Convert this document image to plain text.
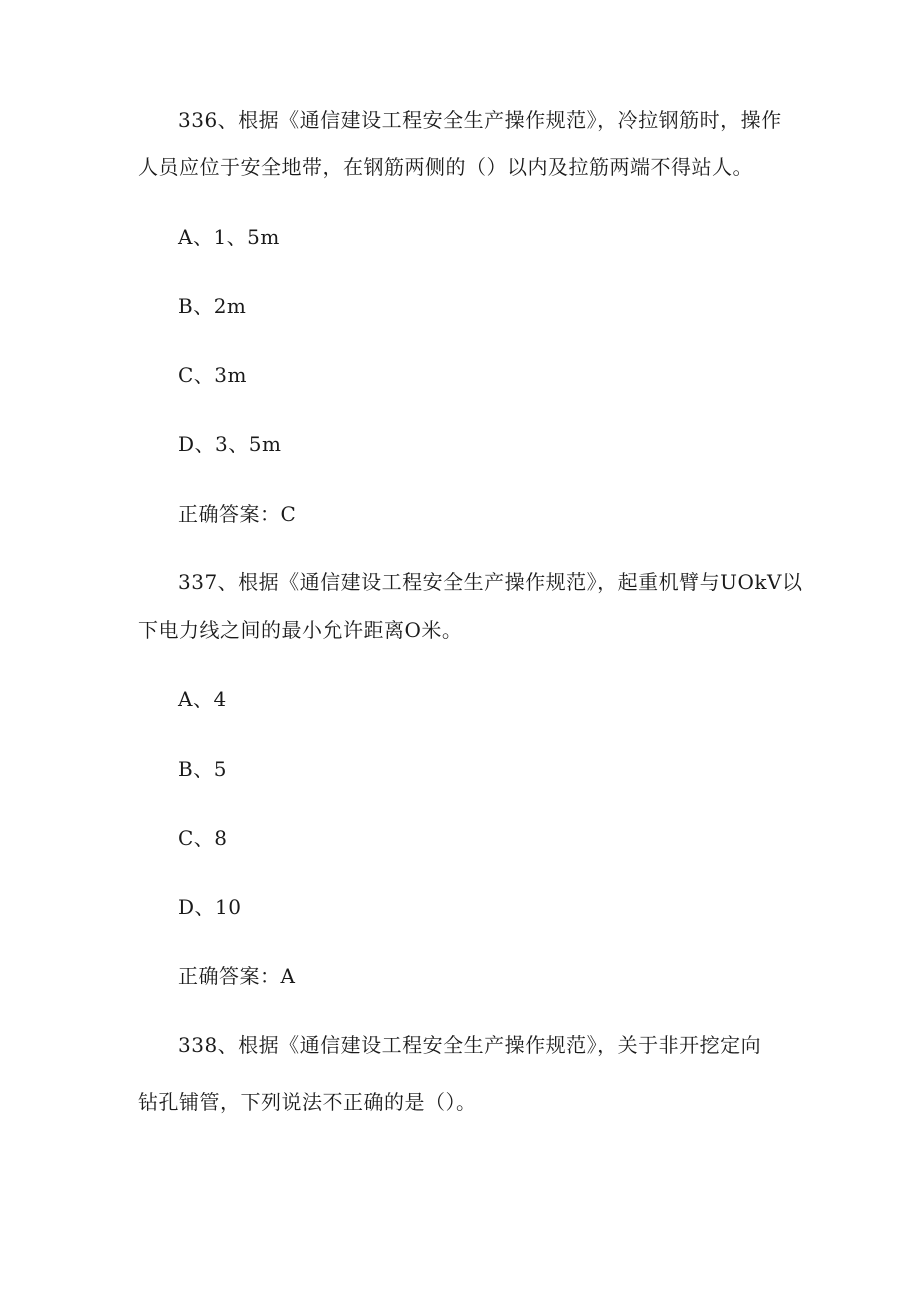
336、根据《通信建设工程安全生产操作规范》，冷拉钢筋时，操作
人员应位于安全地带，在钢筋两侧的（）以内及拉筋两端不得站人。
A、1、5m
B、2m
C、3m
D、3、5m
正确答案：C
337、根据《通信建设工程安全生产操作规范》，起重机臂与UOkV以
下电力线之间的最小允许距离O米。
A、4
B、5
C、8
D、10
正确答案：A
338、根据《通信建设工程安全生产操作规范》，关于非开挖定向
钻孔铺管，下列说法不正确的是（）。
